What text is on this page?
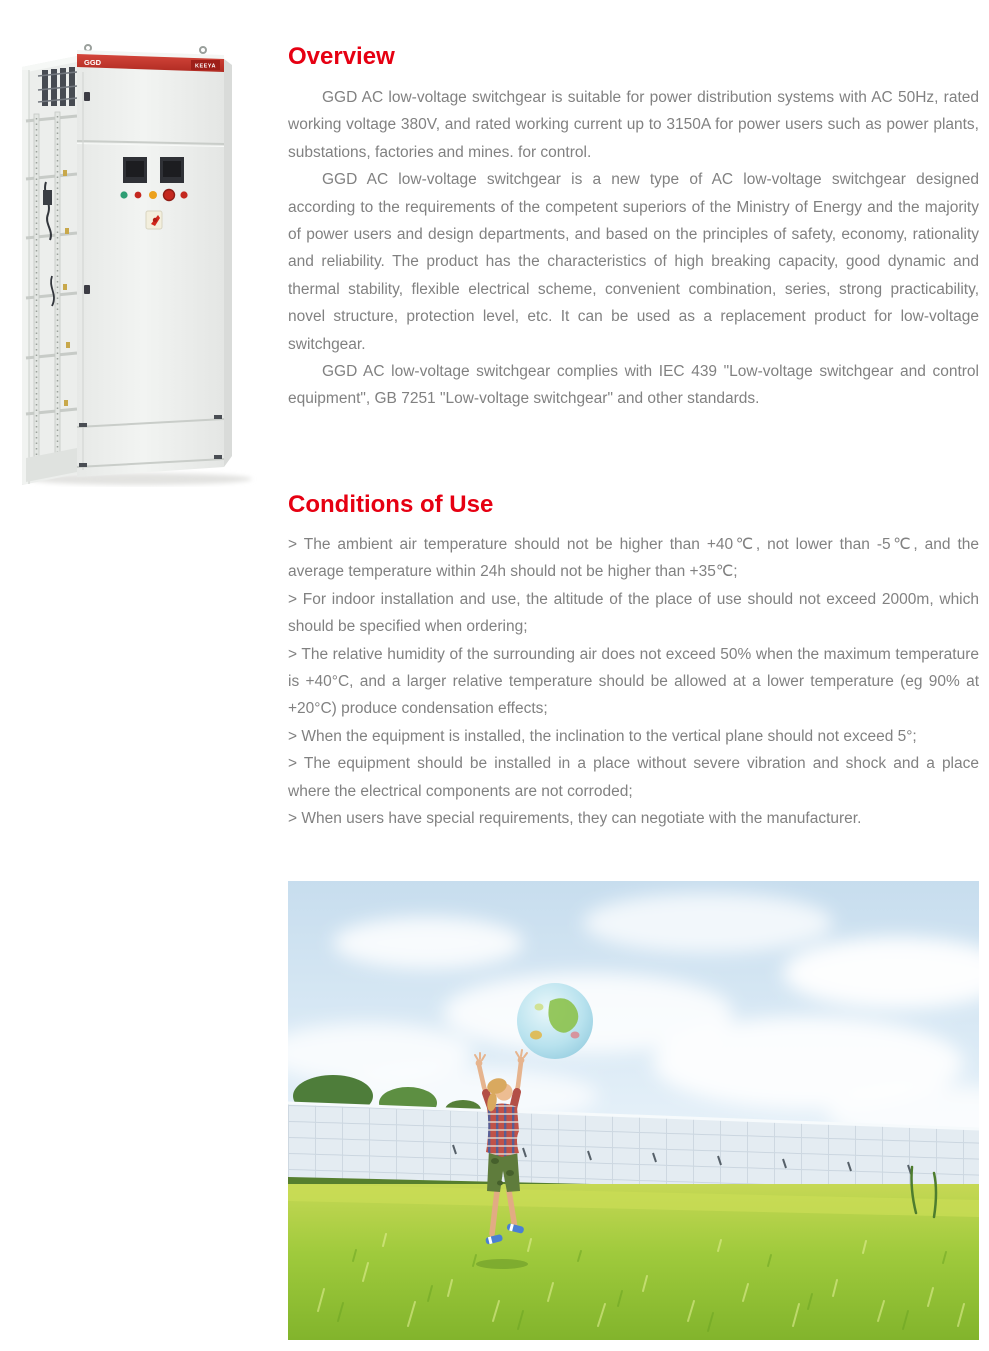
GGD	KEEYA	Overview

GGD AC low-voltage switchgear is suitable for power distribution systems with AC 50Hz, rated working voltage 380V, and rated working current up to 3150A for power users such as power plants, substations, factories and mines. for control.

GGD AC low-voltage switchgear is a new type of AC low-voltage switchgear designed according to the requirements of the competent superiors of the Ministry of Energy and the majority of power users and design departments, and based on the principles of safety, economy, rationality and reliability. The product has the characteristics of high breaking capacity, good dynamic and thermal stability, flexible electrical scheme, convenient combination, series, strong practicability, novel structure, protection level, etc. It can be used as a replacement product for low-voltage switchgear.

GGD AC low-voltage switchgear complies with IEC 439 "Low-voltage switchgear and control equipment", GB 7251 "Low-voltage switchgear" and other standards.

Conditions of Use

> The ambient air temperature should not be higher than +40℃, not lower than -5℃, and the average temperature within 24h should not be higher than +35℃;

> For indoor installation and use, the altitude of the place of use should not exceed 2000m, which should be specified when ordering;

> The relative humidity of the surrounding air does not exceed 50% when the maximum temperature is +40°C, and a larger relative temperature should be allowed at a lower temperature (eg 90% at +20°C) produce condensation effects;

> When the equipment is installed, the inclination to the vertical plane should not exceed 5°;

> The equipment should be installed in a place without severe vibration and shock and a place where the electrical components are not corroded;

> When users have special requirements, they can negotiate with the manufacturer.
